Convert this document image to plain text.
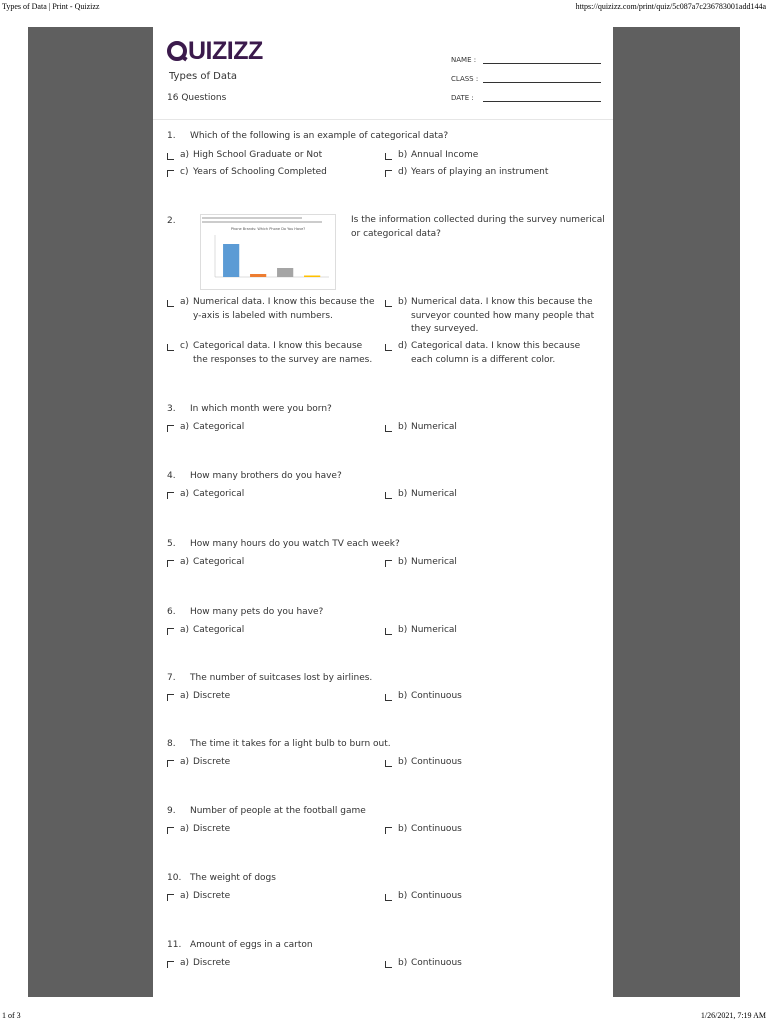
Types of Data | Print - Quizizz	https://quizizz.com/print/quiz/5c087a7c236783001add144a
UIZIZZ
Types of Data
16 Questions
NAME :
CLASS :
DATE :
1. Which of the following is an example of categorical data?
a) High School Graduate or Not	b) Annual Income
c) Years of Schooling Completed	d) Years of playing an instrument
2.
Phone Brands: Which Phone Do You Have?
Is the information collected during the survey numerical or categorical data?
a) Numerical data. I know this because the y-axis is labeled with numbers.
b) Numerical data. I know this because the surveyor counted how many people that they surveyed.
c) Categorical data. I know this because the responses to the survey are names.
d) Categorical data. I know this because each column is a different color.
3. In which month were you born?
a) Categorical	b) Numerical
4. How many brothers do you have?
a) Categorical	b) Numerical
5. How many hours do you watch TV each week?
a) Categorical	b) Numerical
6. How many pets do you have?
a) Categorical	b) Numerical
7. The number of suitcases lost by airlines.
a) Discrete	b) Continuous
8. The time it takes for a light bulb to burn out.
a) Discrete	b) Continuous
9. Number of people at the football game
a) Discrete	b) Continuous
10. The weight of dogs
a) Discrete	b) Continuous
11. Amount of eggs in a carton
a) Discrete	b) Continuous
1 of 3	1/26/2021, 7:19 AM
